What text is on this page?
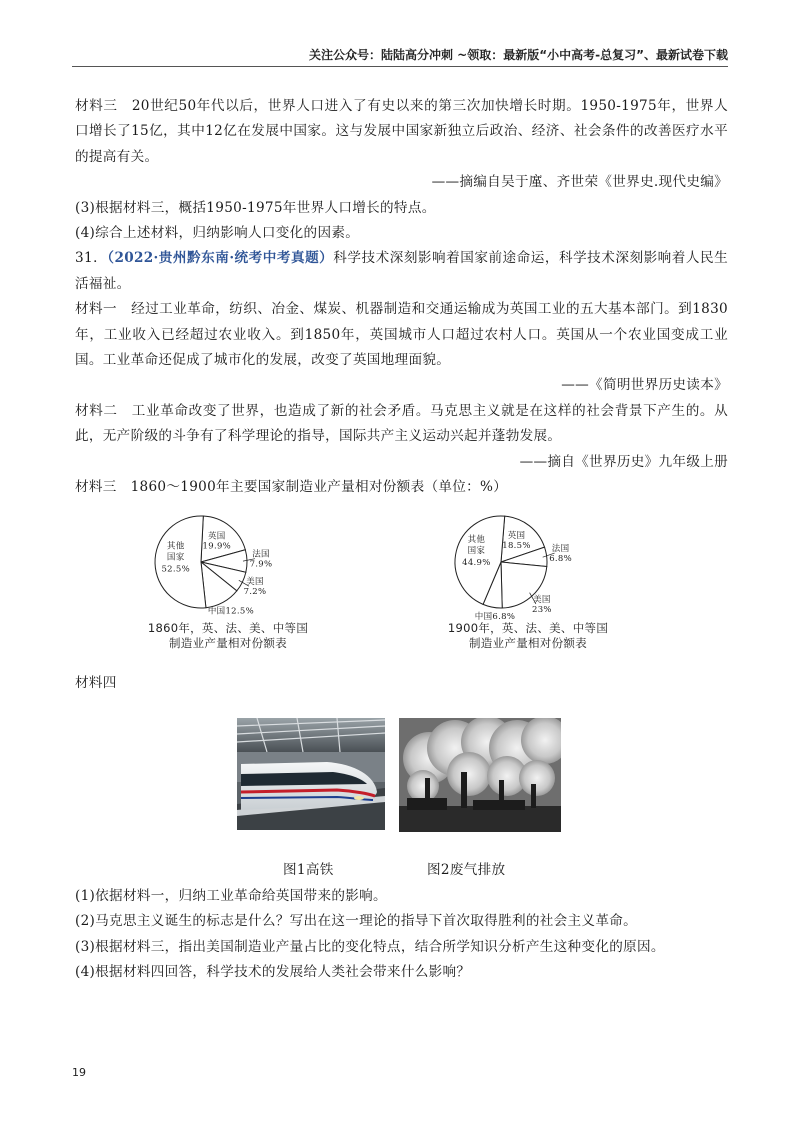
关注公众号：陆陆高分冲刺 ~领取：最新版“小中高考-总复习”、最新试卷下载

材料三　20世纪50年代以后，世界人口进入了有史以来的第三次加快增长时期。1950-1975年，世界人口增长了15亿，其中12亿在发展中国家。这与发展中国家新独立后政治、经济、社会条件的改善医疗水平的提高有关。

——摘编自吴于廑、齐世荣《世界史.现代史编》

(3)根据材料三，概括1950-1975年世界人口增长的特点。

(4)综合上述材料，归纳影响人口变化的因素。

31．（2022·贵州黔东南·统考中考真题）科学技术深刻影响着国家前途命运，科学技术深刻影响着人民生活福祉。

材料一　经过工业革命，纺织、冶金、煤炭、机器制造和交通运输成为英国工业的五大基本部门。到1830年，工业收入已经超过农业收入。到1850年，英国城市人口超过农村人口。英国从一个农业国变成工业国。工业革命还促成了城市化的发展，改变了英国地理面貌。

——《简明世界历史读本》

材料二　工业革命改变了世界，也造成了新的社会矛盾。马克思主义就是在这样的社会背景下产生的。从此，无产阶级的斗争有了科学理论的指导，国际共产主义运动兴起并蓬勃发展。

——摘自《世界历史》九年级上册

材料三　1860～1900年主要国家制造业产量相对份额表（单位：%）

英国
19.9%
法国
7.9%
美国
7.2%
中国12.5%
其他
国家
52.5%
1860年，英、法、美、中等国
制造业产量相对份额表
英国
18.5% 法国
6.8%
美国
23%
中国6.8%
其他
国家
44.9%
1900年，英、法、美、中等国
制造业产量相对份额表

材料四

图1高铁	图2废气排放

(1)依据材料一，归纳工业革命给英国带来的影响。

(2)马克思主义诞生的标志是什么？写出在这一理论的指导下首次取得胜利的社会主义革命。

(3)根据材料三，指出美国制造业产量占比的变化特点，结合所学知识分析产生这种变化的原因。

(4)根据材料四回答，科学技术的发展给人类社会带来什么影响？

19
